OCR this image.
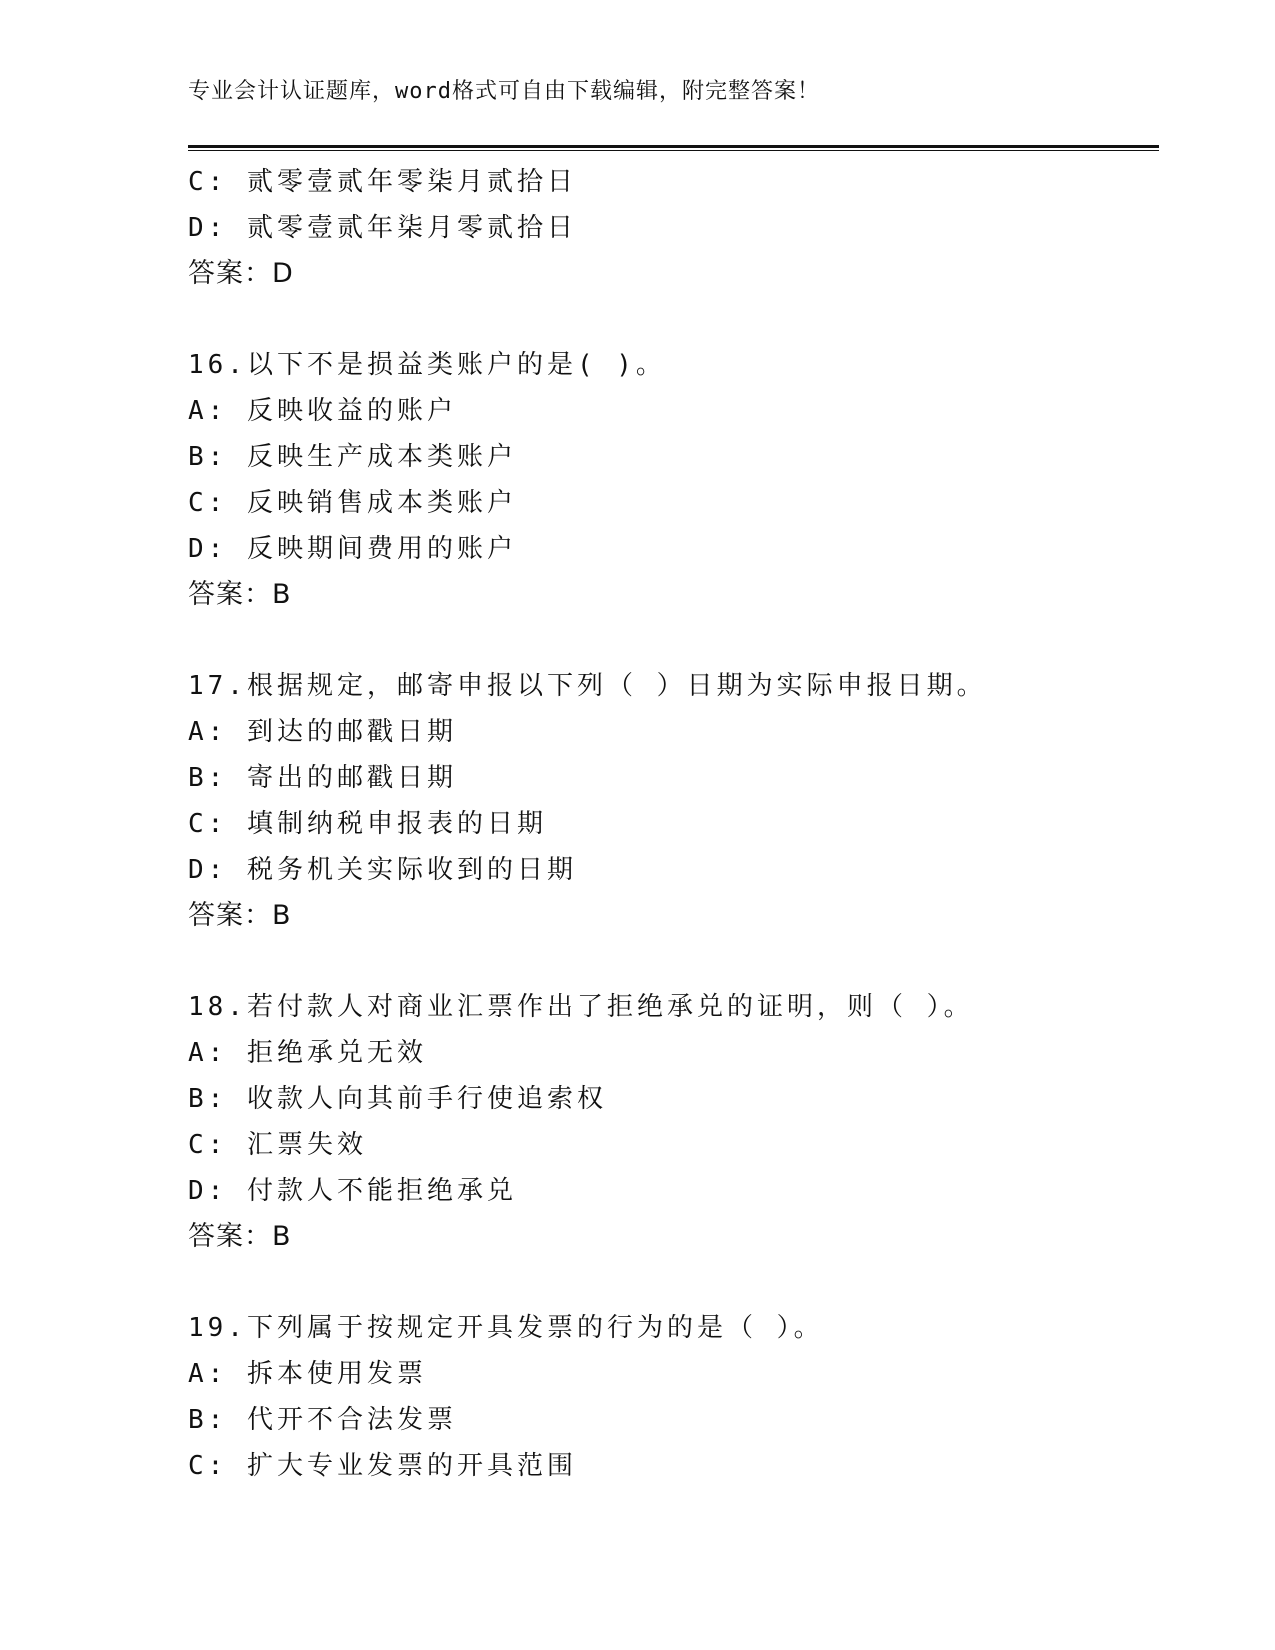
专业会计认证题库，word格式可自由下载编辑，附完整答案！
C: 贰零壹贰年零柒月贰拾日
D: 贰零壹贰年柒月零贰拾日
答案：D
16.以下不是损益类账户的是( )。
A: 反映收益的账户
B: 反映生产成本类账户
C: 反映销售成本类账户
D: 反映期间费用的账户
答案：B
17.根据规定，邮寄申报以下列（ ）日期为实际申报日期。
A: 到达的邮戳日期
B: 寄出的邮戳日期
C: 填制纳税申报表的日期
D: 税务机关实际收到的日期
答案：B
18.若付款人对商业汇票作出了拒绝承兑的证明，则（ ）。
A: 拒绝承兑无效
B: 收款人向其前手行使追索权
C: 汇票失效
D: 付款人不能拒绝承兑
答案：B
19.下列属于按规定开具发票的行为的是（ ）。
A: 拆本使用发票
B: 代开不合法发票
C: 扩大专业发票的开具范围
